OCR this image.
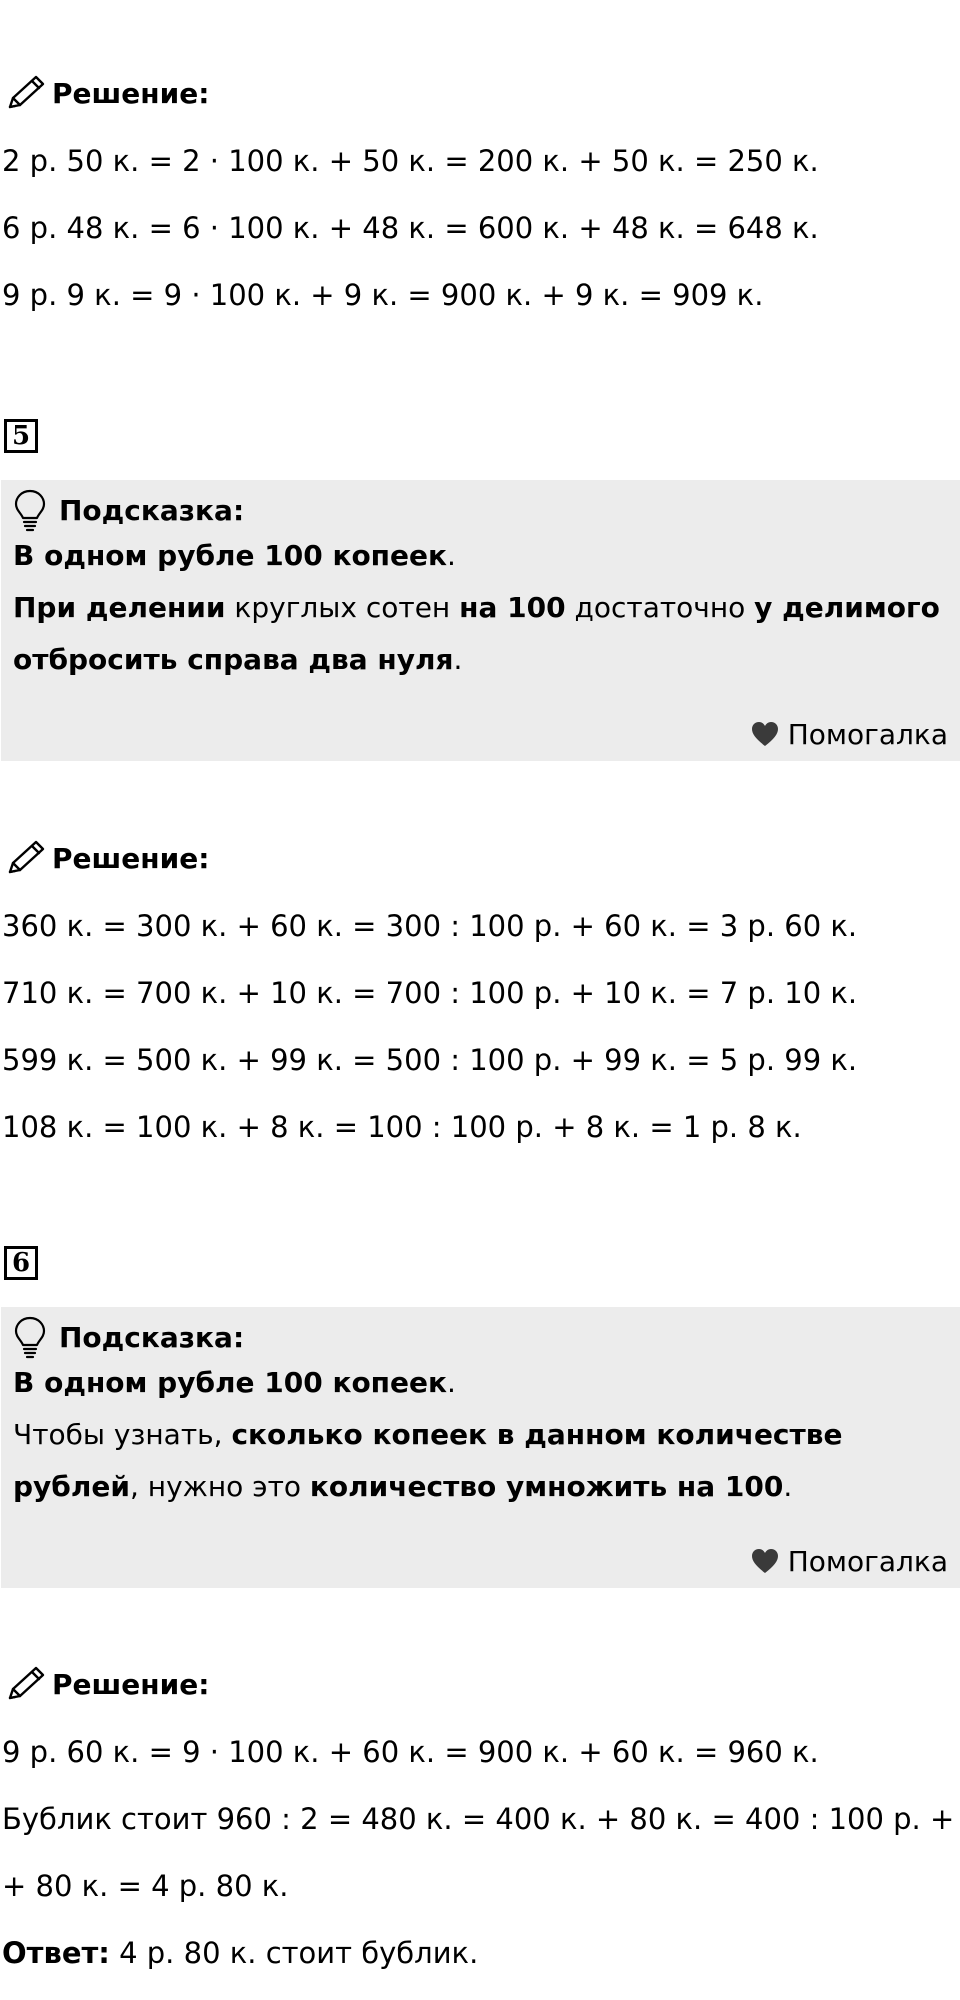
Решение:
2 р. 50 к. = 2 · 100 к. + 50 к. = 200 к. + 50 к. = 250 к.
6 р. 48 к. = 6 · 100 к. + 48 к. = 600 к. + 48 к. = 648 к.
9 р. 9 к. = 9 · 100 к. + 9 к. = 900 к. + 9 к. = 909 к.
5
Подсказка:
В одном рубле 100 копеек.
При делении круглых сотен на 100 достаточно у делимого
отбросить справа два нуля.
Помогалка
Решение:
360 к. = 300 к. + 60 к. = 300 : 100 р. + 60 к. = 3 р. 60 к.
710 к. = 700 к. + 10 к. = 700 : 100 р. + 10 к. = 7 р. 10 к.
599 к. = 500 к. + 99 к. = 500 : 100 р. + 99 к. = 5 р. 99 к.
108 к. = 100 к. + 8 к. = 100 : 100 р. + 8 к. = 1 р. 8 к.
6
Подсказка:
В одном рубле 100 копеек.
Чтобы узнать, сколько копеек в данном количестве
рублей, нужно это количество умножить на 100.
Помогалка
Решение:
9 р. 60 к. = 9 · 100 к. + 60 к. = 900 к. + 60 к. = 960 к.
Бублик стоит 960 : 2 = 480 к. = 400 к. + 80 к. = 400 : 100 р. +
+ 80 к. = 4 р. 80 к.
Ответ: 4 р. 80 к. стоит бублик.
